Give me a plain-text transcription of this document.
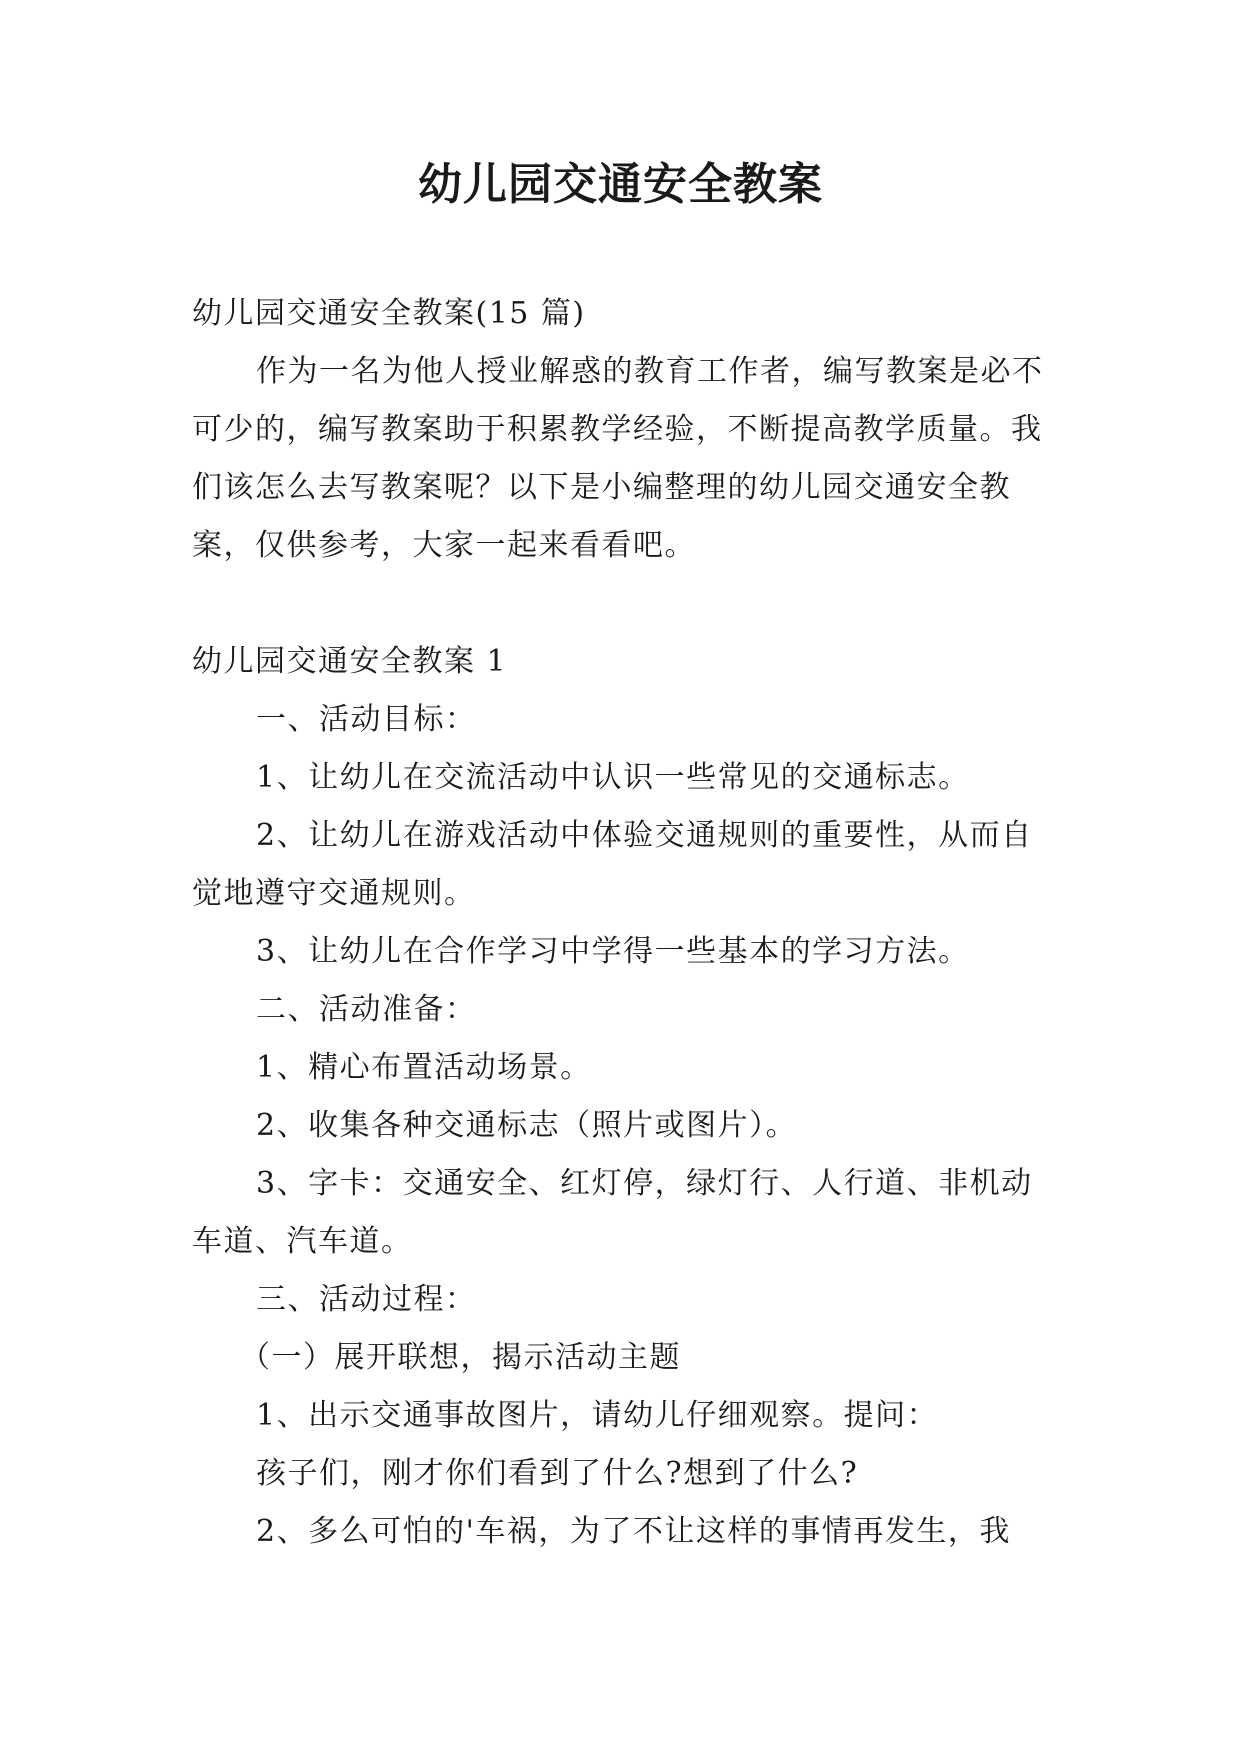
幼儿园交通安全教案

幼儿园交通安全教案(15 篇)

作为一名为他人授业解惑的教育工作者，编写教案是必不可少的，编写教案助于积累教学经验，不断提高教学质量。我们该怎么去写教案呢？以下是小编整理的幼儿园交通安全教案，仅供参考，大家一起来看看吧。

幼儿园交通安全教案 1

一、活动目标：

1、让幼儿在交流活动中认识一些常见的交通标志。

2、让幼儿在游戏活动中体验交通规则的重要性，从而自觉地遵守交通规则。

3、让幼儿在合作学习中学得一些基本的学习方法。

二、活动准备：

1、精心布置活动场景。

2、收集各种交通标志（照片或图片）。

3、字卡：交通安全、红灯停，绿灯行、人行道、非机动车道、汽车道。

三、活动过程：

（一）展开联想，揭示活动主题

1、出示交通事故图片，请幼儿仔细观察。提问：

孩子们，刚才你们看到了什么?想到了什么?

2、多么可怕的'车祸，为了不让这样的事情再发生，我
